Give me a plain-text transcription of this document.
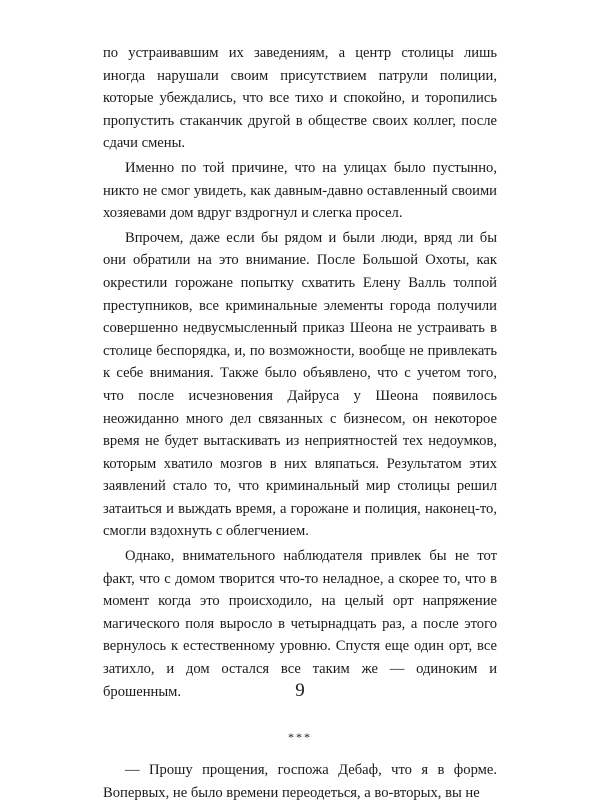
по устраивавшим их заведениям, а центр столицы лишь иногда нарушали своим присутствием патрули полиции, которые убеждались, что все тихо и спокойно, и торопились пропустить стаканчик другой в обществе своих коллег, после сдачи смены.

Именно по той причине, что на улицах было пустынно, никто не смог увидеть, как давным-давно оставленный своими хозяевами дом вдруг вздрогнул и слегка просел.

Впрочем, даже если бы рядом и были люди, вряд ли бы они обратили на это внимание. После Большой Охоты, как окрестили горожане попытку схватить Елену Валль толпой преступников, все криминальные элементы города получили совершенно недвусмысленный приказ Шеона не устраивать в столице беспорядка, и, по возможности, вообще не привлекать к себе внимания. Также было объявлено, что с учетом того, что после исчезновения Дайруса у Шеона появилось неожиданно много дел связанных с бизнесом, он некоторое время не будет вытаскивать из неприятностей тех недоумков, которым хватило мозгов в них вляпаться. Результатом этих заявлений стало то, что криминальный мир столицы решил затаиться и выждать время, а горожане и полиция, наконец-то, смогли вздохнуть с облегчением.

Однако, внимательного наблюдателя привлек бы не тот факт, что с домом творится что-то неладное, а скорее то, что в момент когда это происходило, на целый орт напряжение магического поля выросло в четырнадцать раз, а после этого вернулось к естественному уровню. Спустя еще один орт, все затихло, и дом остался все таким же — одиноким и брошенным.

***

— Прошу прощения, госпожа Дебаф, что я в форме. Вопервых, не было времени переодеться, а во-вторых, вы не

9
